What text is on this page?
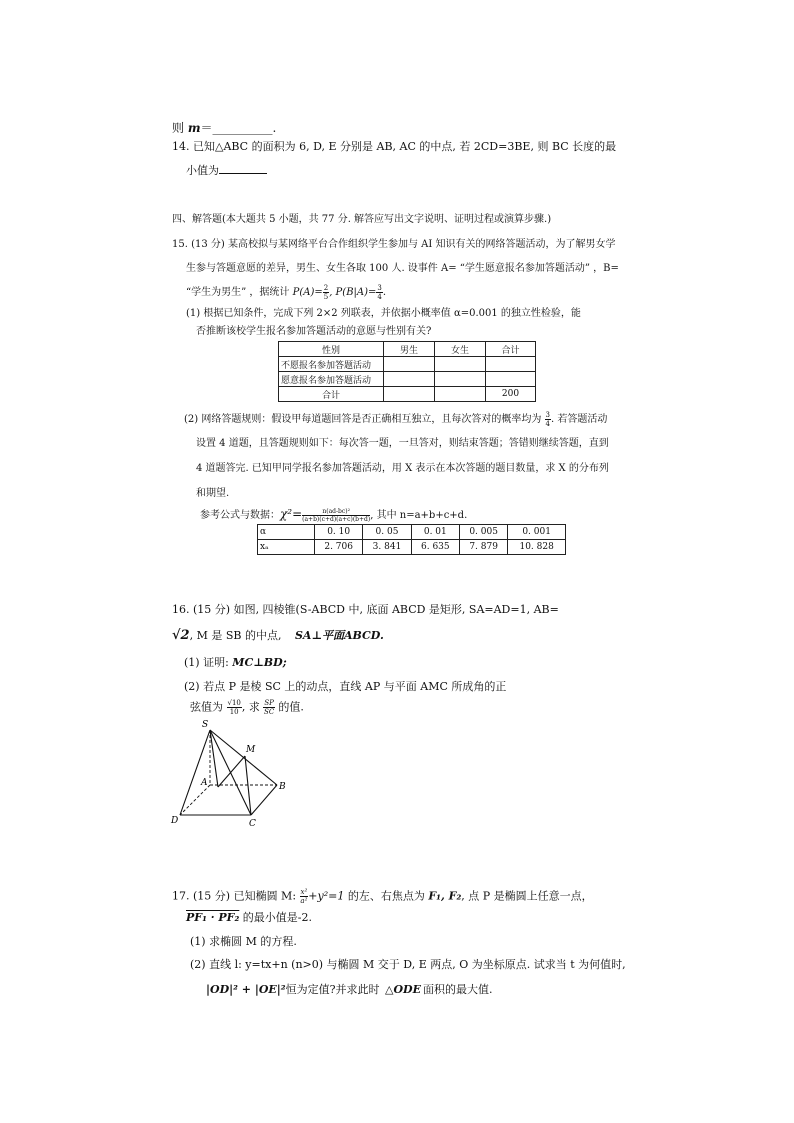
则 m＝__________.
14. 已知△ABC 的面积为 6, D, E 分别是 AB, AC 的中点, 若 2CD=3BE, 则 BC 长度的最
小值为
四、解答题(本大题共 5 小题，共 77 分. 解答应写出文字说明、证明过程或演算步骤.)
15. (13 分) 某高校拟与某网络平台合作组织学生参加与 AI 知识有关的网络答题活动，为了解男女学
生参与答题意愿的差异，男生、女生各取 100 人. 设事件 A= “学生愿意报名参加答题活动” ，B=
“学生为男生” ，据统计 $P(A)= \frac{2}{5}$ , $P(B|A)= \frac{3}{4}$ .
(1) 根据已知条件，完成下列 2×2 列联表，并依据小概率值 α=0.001 的独立性检验，能
否推断该校学生报名参加答题活动的意愿与性别有关?
性别	男生	女生	合计
不愿报名参加答题活动			
愿意报名参加答题活动			
合计			200
(2) 网络答题规则：假设甲每道题回答是否正确相互独立，且每次答对的概率均为 $\frac{3}{4}$ . 若答题活动
设置 4 道题，且答题规则如下：每次答一题，一旦答对，则结束答题；答错则继续答题，直到
4 道题答完. 已知甲同学报名参加答题活动，用 X 表示在本次答题的题目数量，求 X 的分布列
和期望.
参考公式与数据：$\chi^2= \frac{\text{n(ad-bc)²}}{(a+b)(c+d)(a+c)(b+d)}$ , 其中 n=a+b+c+d.
α	0. 10	0. 05	0. 01	0. 005	0. 001
xₐ	2. 706	3. 841	6. 635	7. 879	10. 828
16. (15 分) 如图, 四棱锥(S-ABCD 中, 底面 ABCD 是矩形, SA=AD=1, AB=
√2, M 是 SB 的中点, SA⊥平面ABCD.
(1) 证明: MC⊥BD;
(2) 若点 P 是棱 SC 上的动点，直线 AP 与平面 AMC 所成角的正
弦值为 $\frac{√10}{10}$ , 求 $\frac{SP}{SC}$ 的值.
S
M
A	B
C
D
17. (15 分) 已知椭圆 M: $\frac{\text{x²}}{\text{a²}} +y^2=1$ 的左、右焦点为 F₁, F₂, 点 P 是椭圆上任意一点，
PF₁ · PF₂ 的最小值是-2.
(1) 求椭圆 M 的方程.
(2) 直线 l: y=tx+n (n>0) 与椭圆 M 交于 D, E 两点, O 为坐标原点. 试求当 t 为何值时,
|OD|² + |OE|²恒为定值?并求此时 △ODE 面积的最大值.
